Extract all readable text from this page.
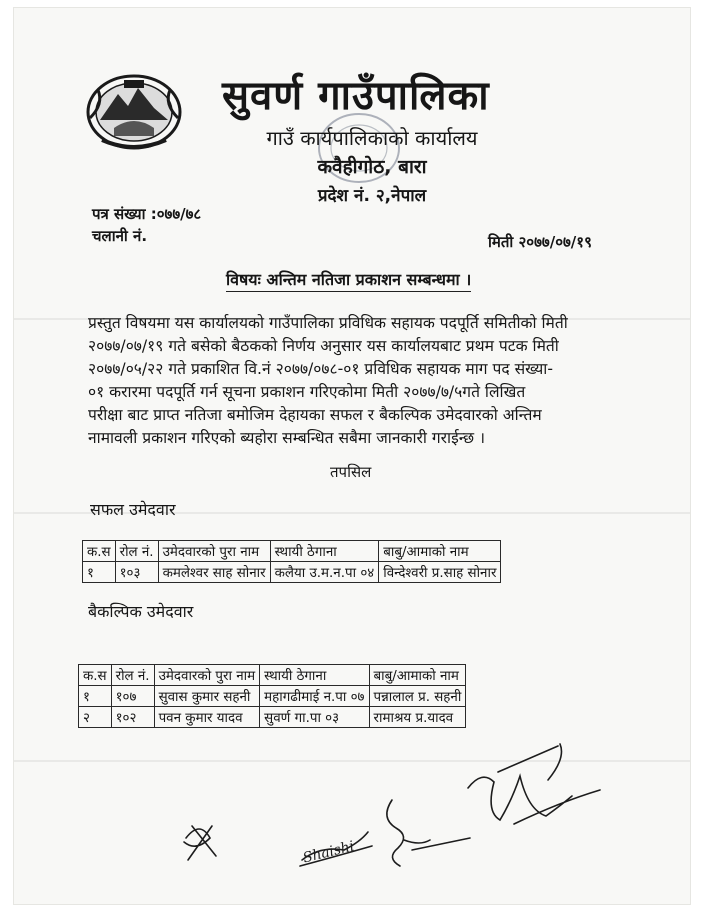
सुवर्ण गाउँपालिका
गाउँ कार्यपालिकाको कार्यालय
कवैहीगोठ, बारा
प्रदेश नं. २,नेपाल
पत्र संख्या :०७७/७८
चलानी नं.	मिती २०७७/०७/१९
विषयः अन्तिम नतिजा प्रकाशन सम्बन्धमा ।
प्रस्तुत विषयमा यस कार्यालयको गाउँपालिका प्रविधिक सहायक पदपूर्ति समितीको मिती
२०७७/०७/१९ गते बसेको बैठकको निर्णय अनुसार यस कार्यालयबाट प्रथम पटक मिती
२०७७/०५/२२ गते प्रकाशित वि.नं २०७७/०७८-०१ प्रविधिक सहायक माग पद संख्या-
०१ करारमा पदपूर्ति गर्न सूचना प्रकाशन गरिएकोमा मिती २०७७/७/५गते लिखित
परीक्षा बाट प्राप्त नतिजा बमोजिम देहायका सफल र बैकल्पिक उमेदवारको अन्तिम
नामावली प्रकाशन गरिएको ब्यहोरा सम्बन्धित सबैमा जानकारी गराईन्छ ।
तपसिल
सफल उमेदवार
क.स	रोल नं.	उमेदवारको पुरा नाम	स्थायी ठेगाना	बाबु/आमाको नाम
१	१०३	कमलेश्वर साह सोनार	कलैया उ.म.न.पा ०४	विन्देश्वरी प्र.साह सोनार
बैकल्पिक उमेदवार
क.स	रोल नं.	उमेदवारको पुरा नाम	स्थायी ठेगाना	बाबु/आमाको नाम
१	१०७	सुवास कुमार सहनी	महागढीमाई न.पा ०७	पन्नालाल प्र. सहनी
२	१०२	पवन कुमार यादव	सुवर्ण गा.पा ०३	रामाश्रय प्र.यादव
Shaishi
